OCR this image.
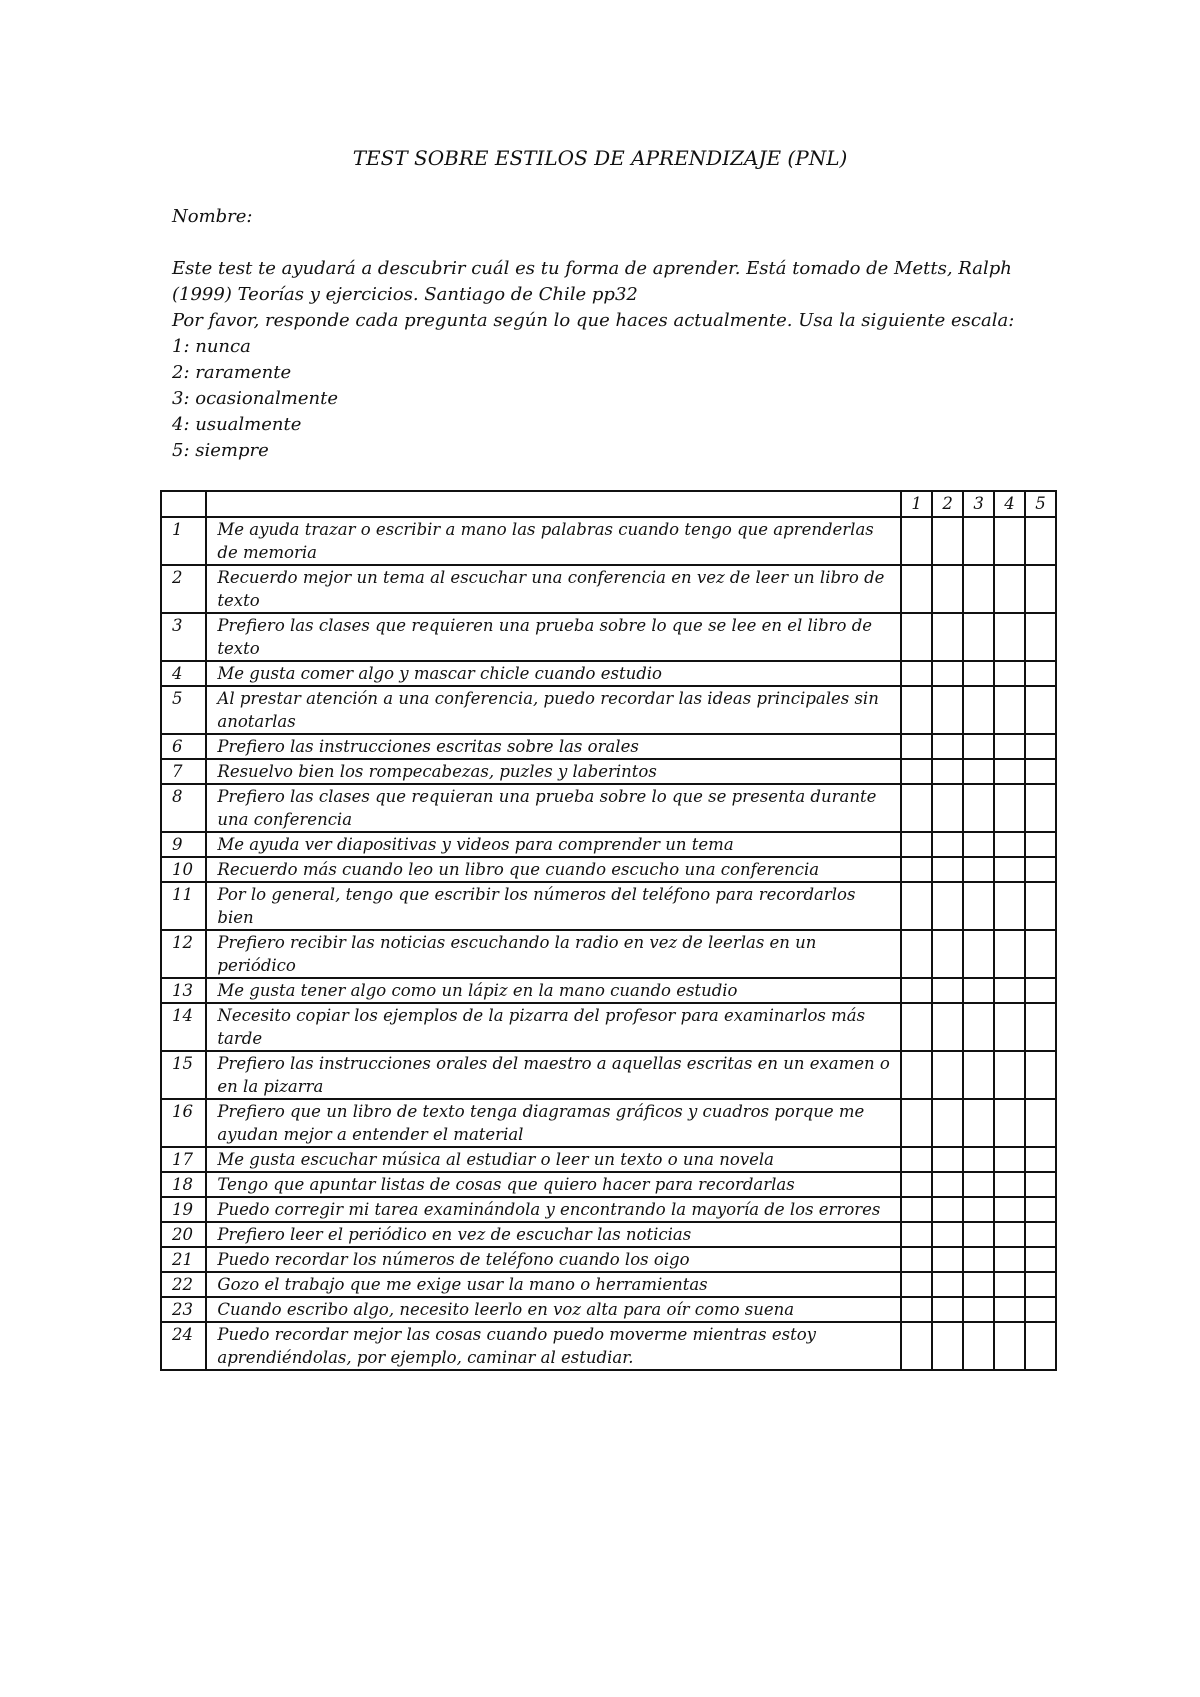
TEST SOBRE ESTILOS DE APRENDIZAJE (PNL)
Nombre:
Este test te ayudará a descubrir cuál es tu forma de aprender. Está tomado de Metts, Ralph
(1999) Teorías y ejercicios. Santiago de Chile pp32
Por favor, responde cada pregunta según lo que haces actualmente. Usa la siguiente escala:
1: nunca
2: raramente
3: ocasionalmente
4: usualmente
5: siempre
		1	2	3	4	5
1	Me ayuda trazar o escribir a mano las palabras cuando tengo que aprenderlas de memoria					
2	Recuerdo mejor un tema al escuchar una conferencia en vez de leer un libro de texto					
3	Prefiero las clases que requieren una prueba sobre lo que se lee en el libro de texto					
4	Me gusta comer algo y mascar chicle cuando estudio					
5	Al prestar atención a una conferencia, puedo recordar las ideas principales sin anotarlas					
6	Prefiero las instrucciones escritas sobre las orales					
7	Resuelvo bien los rompecabezas, puzles y laberintos					
8	Prefiero las clases que requieran una prueba sobre lo que se presenta durante una conferencia					
9	Me ayuda ver diapositivas y videos para comprender un tema					
10	Recuerdo más cuando leo un libro que cuando escucho una conferencia					
11	Por lo general, tengo que escribir los números del teléfono para recordarlos bien					
12	Prefiero recibir las noticias escuchando la radio en vez de leerlas en un periódico					
13	Me gusta tener algo como un lápiz en la mano cuando estudio					
14	Necesito copiar los ejemplos de la pizarra del profesor para examinarlos más tarde					
15	Prefiero las instrucciones orales del maestro a aquellas escritas en un examen o en la pizarra					
16	Prefiero que un libro de texto tenga diagramas gráficos y cuadros porque me ayudan mejor a entender el material					
17	Me gusta escuchar música al estudiar o leer un texto o una novela					
18	Tengo que apuntar listas de cosas que quiero hacer para recordarlas					
19	Puedo corregir mi tarea examinándola y encontrando la mayoría de los errores					
20	Prefiero leer el periódico en vez de escuchar las noticias					
21	Puedo recordar los números de teléfono cuando los oigo					
22	Gozo el trabajo que me exige usar la mano o herramientas					
23	Cuando escribo algo, necesito leerlo en voz alta para oír como suena					
24	Puedo recordar mejor las cosas cuando puedo moverme mientras estoy aprendiéndolas, por ejemplo, caminar al estudiar.					
